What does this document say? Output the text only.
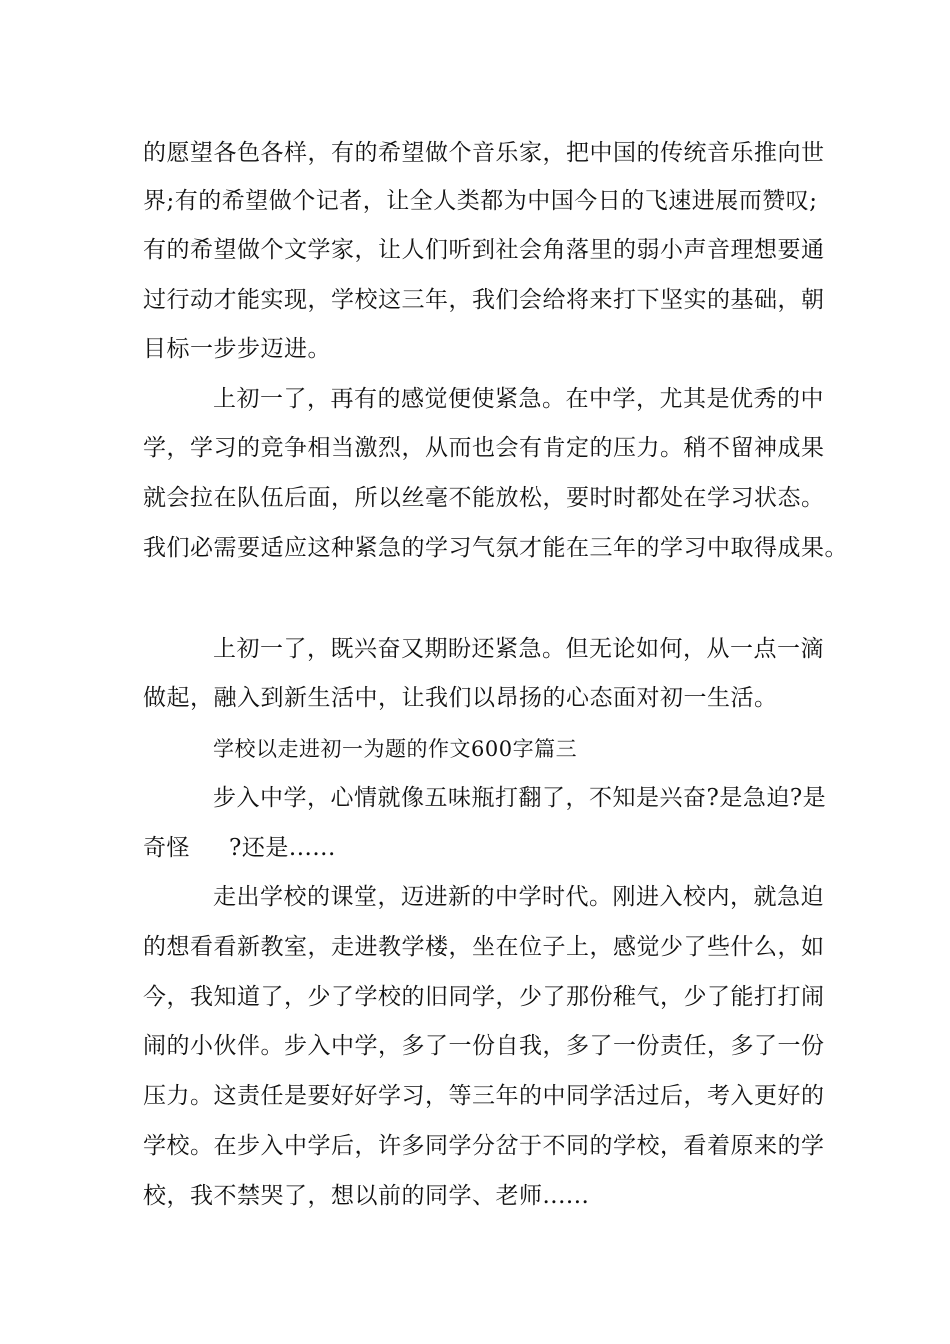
的愿望各色各样，有的希望做个音乐家，把中国的传统音乐推向世
界;有的希望做个记者，让全人类都为中国今日的飞速进展而赞叹;
有的希望做个文学家，让人们听到社会角落里的弱小声音理想要通
过行动才能实现，学校这三年，我们会给将来打下坚实的基础，朝
目标一步步迈进。
上初一了，再有的感觉便使紧急。在中学，尤其是优秀的中
学，学习的竞争相当激烈，从而也会有肯定的压力。稍不留神成果
就会拉在队伍后面，所以丝毫不能放松，要时时都处在学习状态。
我们必需要适应这种紧急的学习气氛才能在三年的学习中取得成果。
上初一了，既兴奋又期盼还紧急。但无论如何，从一点一滴
做起，融入到新生活中，让我们以昂扬的心态面对初一生活。
学校以走进初一为题的作文600字篇三
步入中学，心情就像五味瓶打翻了，不知是兴奋?是急迫?是
奇怪     ?还是......
走出学校的课堂，迈进新的中学时代。刚进入校内，就急迫
的想看看新教室，走进教学楼，坐在位子上，感觉少了些什么，如
今，我知道了，少了学校的旧同学，少了那份稚气，少了能打打闹
闹的小伙伴。步入中学，多了一份自我，多了一份责任，多了一份
压力。这责任是要好好学习，等三年的中同学活过后，考入更好的
学校。在步入中学后，许多同学分岔于不同的学校，看着原来的学
校，我不禁哭了，想以前的同学、老师......
